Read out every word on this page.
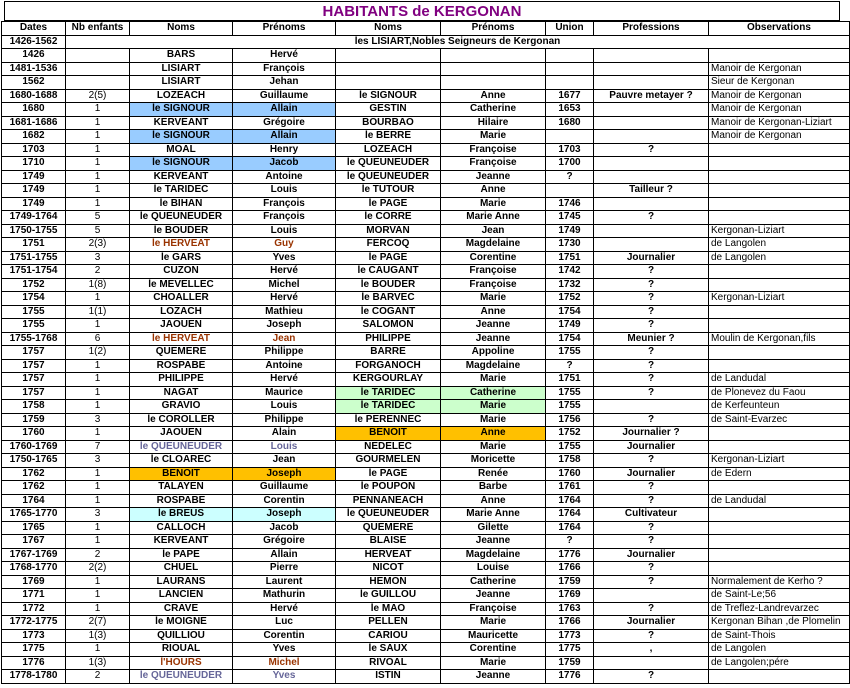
HABITANTS de KERGONAN
Dates	Nb enfants	Noms	Prénoms	Noms	Prénoms	Union	Professions	Observations
1426-1562	les LISIART,Nobles Seigneurs de Kergonan							
1426		BARS	Hervé					
1481-1536		LISIART	François					Manoir de Kergonan
1562		LISIART	Jehan					Sieur de Kergonan
1680-1688	2(5)	LOZEACH	Guillaume	le SIGNOUR	Anne	1677	Pauvre metayer ?	Manoir de Kergonan
1680	1	le SIGNOUR	Allain	GESTIN	Catherine	1653		Manoir de Kergonan
1681-1686	1	KERVEANT	Grégoire	BOURBAO	Hilaire	1680		Manoir de Kergonan-Liziart
1682	1	le SIGNOUR	Allain	le BERRE	Marie			Manoir de Kergonan
1703	1	MOAL	Henry	LOZEACH	Françoise	1703	?	
1710	1	le SIGNOUR	Jacob	le QUEUNEUDER	Françoise	1700		
1749	1	KERVEANT	Antoine	le QUEUNEUDER	Jeanne	?		
1749	1	le TARIDEC	Louis	le TUTOUR	Anne		Tailleur ?	
1749	1	le BIHAN	François	le PAGE	Marie	1746		
1749-1764	5	le QUEUNEUDER	François	le CORRE	Marie Anne	1745	?	
1750-1755	5	le BOUDER	Louis	MORVAN	Jean	1749		Kergonan-Liziart
1751	2(3)	le HERVEAT	Guy	FERCOQ	Magdelaine	1730		de Langolen
1751-1755	3	le GARS	Yves	le PAGE	Corentine	1751	Journalier	de Langolen
1751-1754	2	CUZON	Hervé	le CAUGANT	Françoise	1742	?	
1752	1(8)	le MEVELLEC	Michel	le BOUDER	Françoise	1732	?	
1754	1	CHOALLER	Hervé	le BARVEC	Marie	1752	?	Kergonan-Liziart
1755	1(1)	LOZACH	Mathieu	le COGANT	Anne	1754	?	
1755	1	JAOUEN	Joseph	SALOMON	Jeanne	1749	?	
1755-1768	6	le HERVEAT	Jean	PHILIPPE	Jeanne	1754	Meunier ?	Moulin de Kergonan,fils
1757	1(2)	QUEMERE	Philippe	BARRE	Appoline	1755	?	
1757	1	ROSPABE	Antoine	FORGANOCH	Magdelaine	?	?	
1757	1	PHILIPPE	Hervé	KERGOURLAY	Marie	1751	?	de Landudal
1757	1	NAGAT	Maurice	le TARIDEC	Catherine	1755	?	de Plonevez du Faou
1758	1	GRAVIO	Louis	le TARIDEC	Marie	1755		de Kerfeunteun
1759	3	le COROLLER	Philippe	le PERENNEC	Marie	1756	?	de Saint-Evarzec
1760	1	JAOUEN	Alain	BENOIT	Anne	1752	Journalier ?	
1760-1769	7	le QUEUNEUDER	Louis	NEDELEC	Marie	1755	Journalier	
1750-1765	3	le CLOAREC	Jean	GOURMELEN	Moricette	1758	?	Kergonan-Liziart
1762	1	BENOIT	Joseph	le PAGE	Renée	1760	Journalier	de Edern
1762	1	TALAYEN	Guillaume	le POUPON	Barbe	1761	?	
1764	1	ROSPABE	Corentin	PENNANEACH	Anne	1764	?	de Landudal
1765-1770	3	le BREUS	Joseph	le QUEUNEUDER	Marie Anne	1764	Cultivateur	
1765	1	CALLOCH	Jacob	QUEMERE	Gilette	1764	?	
1767	1	KERVEANT	Grégoire	BLAISE	Jeanne	?	?	
1767-1769	2	le PAPE	Allain	HERVEAT	Magdelaine	1776	Journalier	
1768-1770	2(2)	CHUEL	Pierre	NICOT	Louise	1766	?	
1769	1	LAURANS	Laurent	HEMON	Catherine	1759	?	Normalement de Kerho ?
1771	1	LANCIEN	Mathurin	le GUILLOU	Jeanne	1769		de Saint-Le;56
1772	1	CRAVE	Hervé	le MAO	Françoise	1763	?	de Treflez-Landrevarzec
1772-1775	2(7)	le MOIGNE	Luc	PELLEN	Marie	1766	Journalier	Kergonan Bihan ,de Plomelin
1773	1(3)	QUILLIOU	Corentin	CARIOU	Mauricette	1773	?	de Saint-Thois
1775	1	RIOUAL	Yves	le SAUX	Corentine	1775	,	de Langolen
1776	1(3)	l'HOURS	Michel	RIVOAL	Marie	1759		de Langolen;pére
1778-1780	2	le QUEUNEUDER	Yves	ISTIN	Jeanne	1776	?	
